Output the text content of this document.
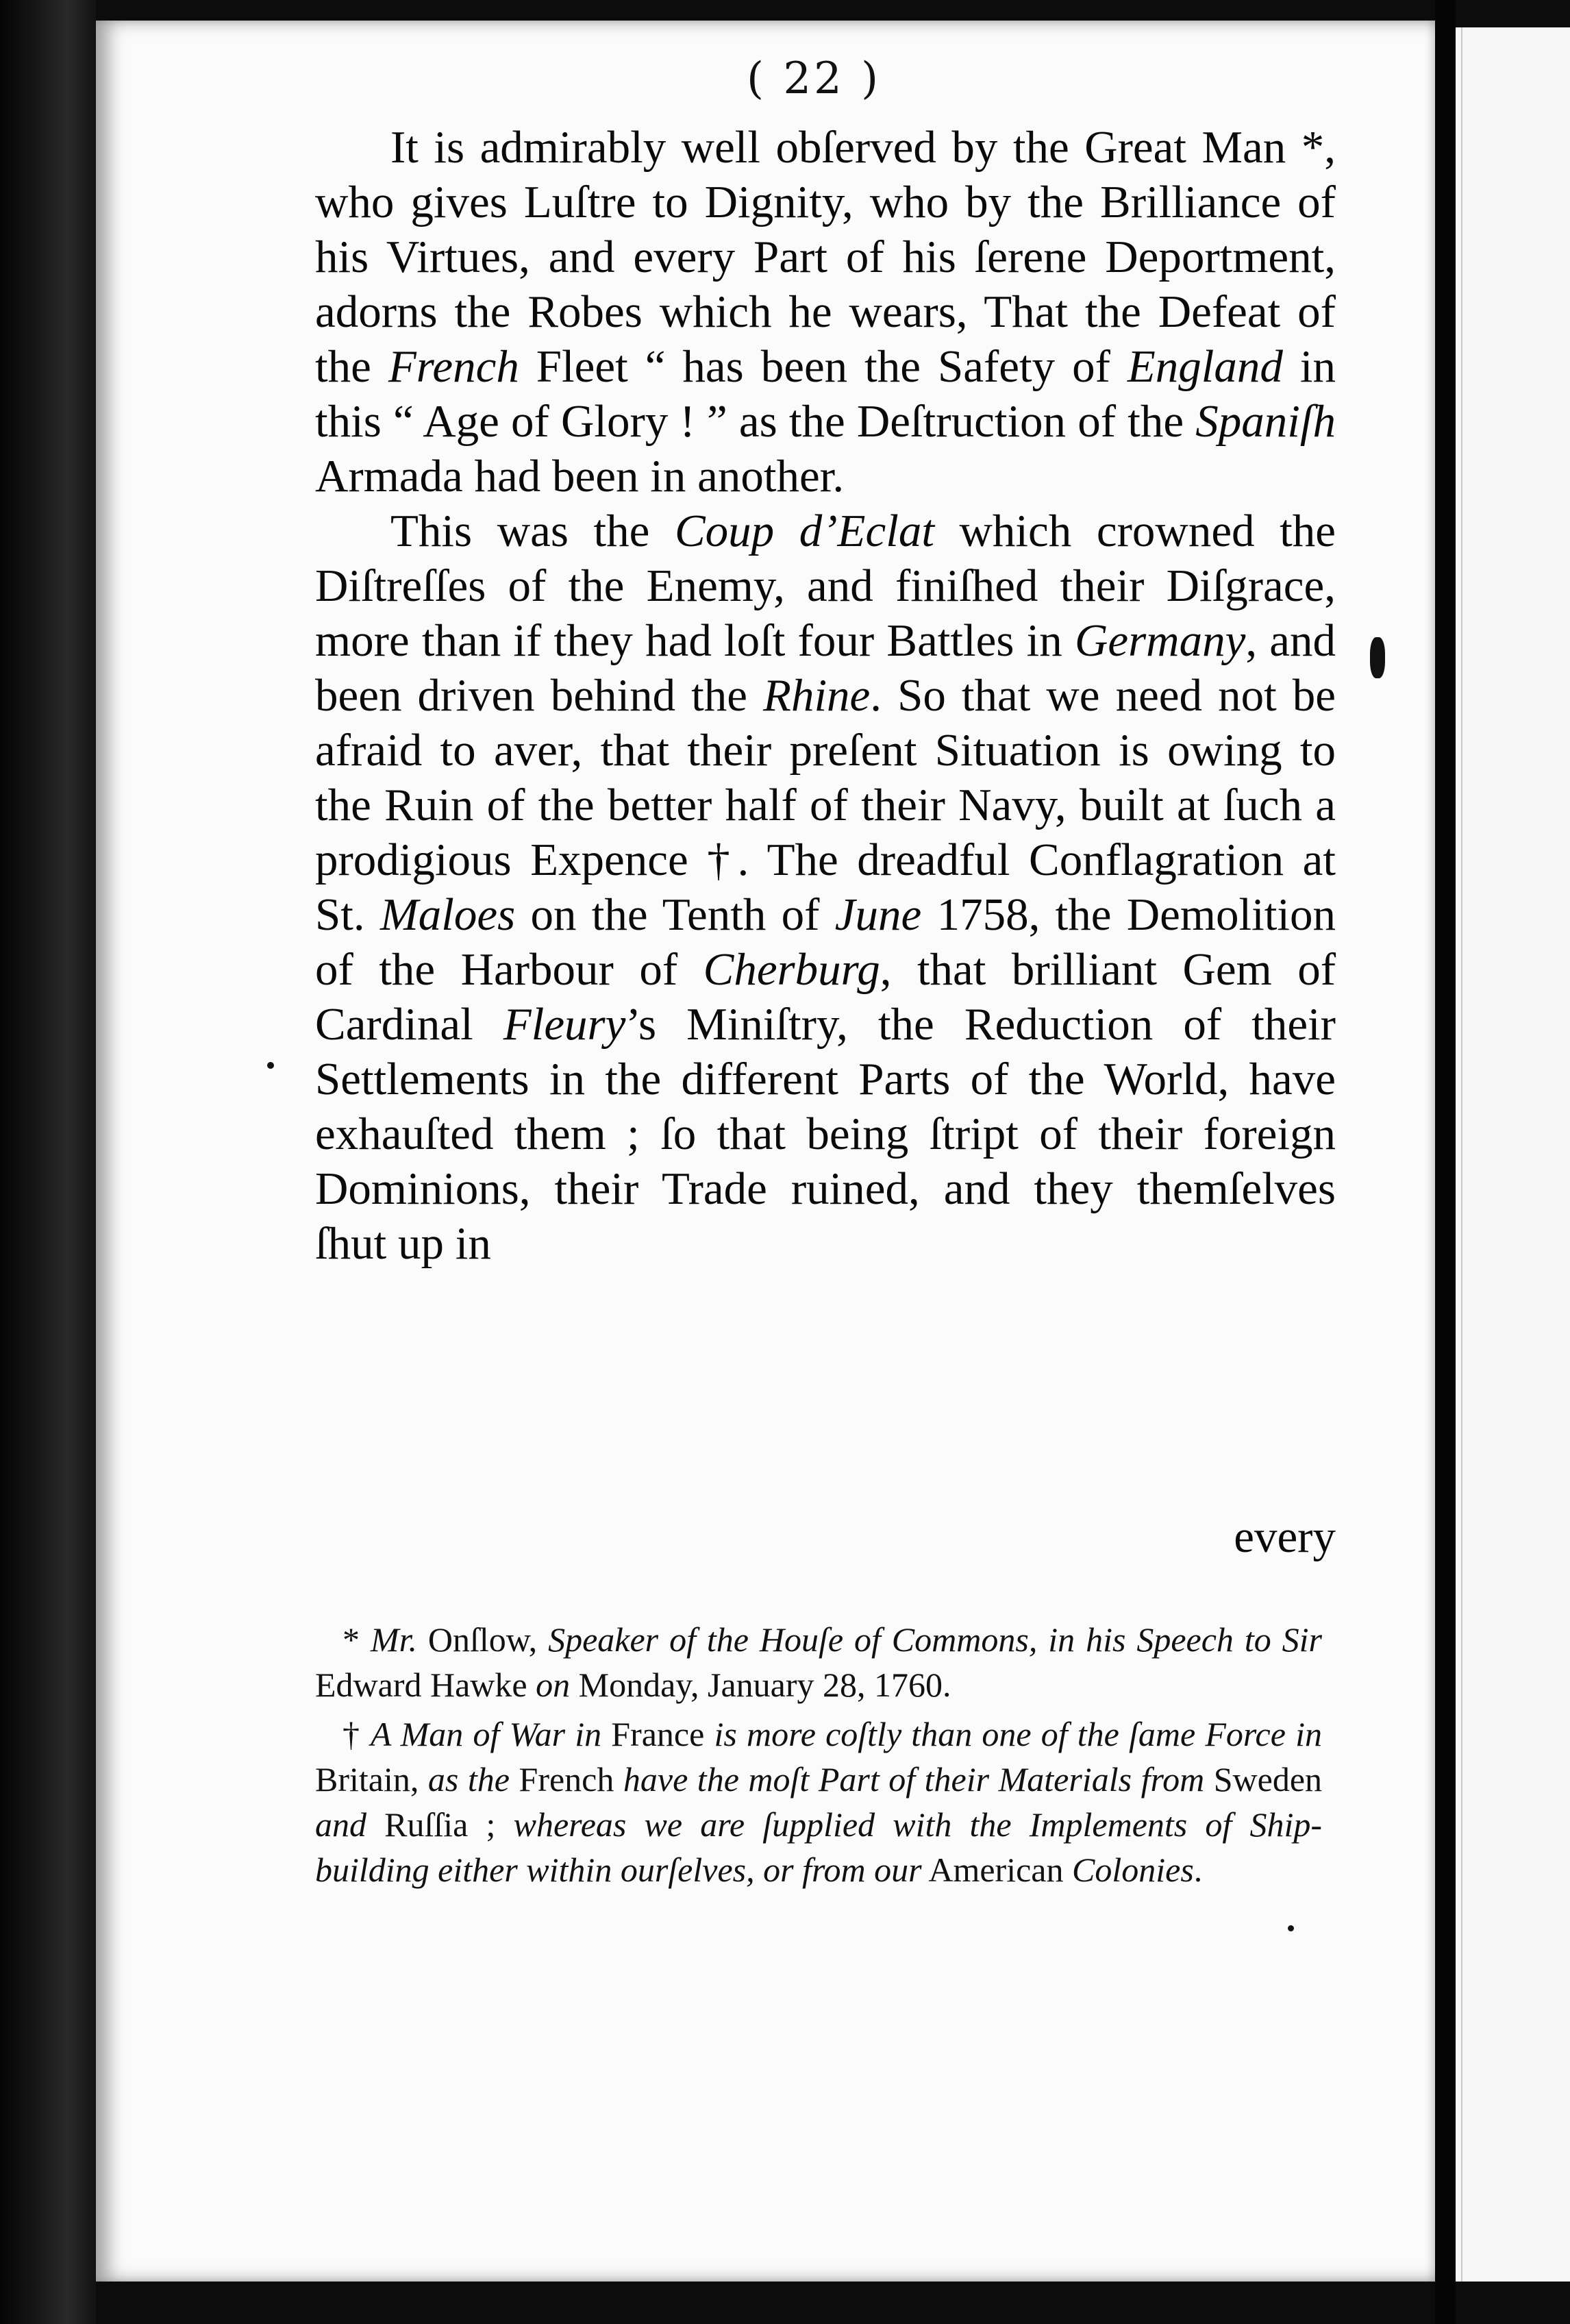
( 22 )

It is admirably well obſerved by the Great Man *, who gives Luſtre to Dignity, who by the Brilliance of his Virtues, and every Part of his ſerene Deportment, adorns the Robes which he wears, That the Defeat of the French Fleet “ has been the Safety of England in this “ Age of Glory ! ” as the Deſtruction of the Spaniſh Armada had been in another.

This was the Coup d’Eclat which crowned the Diſtreſſes of the Enemy, and finiſhed their Diſgrace, more than if they had loſt four Battles in Germany, and been driven behind the Rhine. So that we need not be afraid to aver, that their preſent Situation is owing to the Ruin of the better half of their Navy, built at ſuch a prodigious Expence †. The dreadful Conflagration at St. Maloes on the Tenth of June 1758, the Demolition of the Harbour of Cherburg, that brilliant Gem of Cardinal Fleury’s Miniſtry, the Reduction of their Settlements in the different Parts of the World, have exhauſted them ; ſo that being ſtript of their foreign Dominions, their Trade ruined, and they themſelves ſhut up in

every

* Mr. Onſlow, Speaker of the Houſe of Commons, in his Speech to Sir Edward Hawke on Monday, January 28, 1760.

† A Man of War in France is more coſtly than one of the ſame Force in Britain, as the French have the moſt Part of their Materials from Sweden and Ruſſia ; whereas we are ſupplied with the Implements of Ship-building either within ourſelves, or from our American Colonies.
